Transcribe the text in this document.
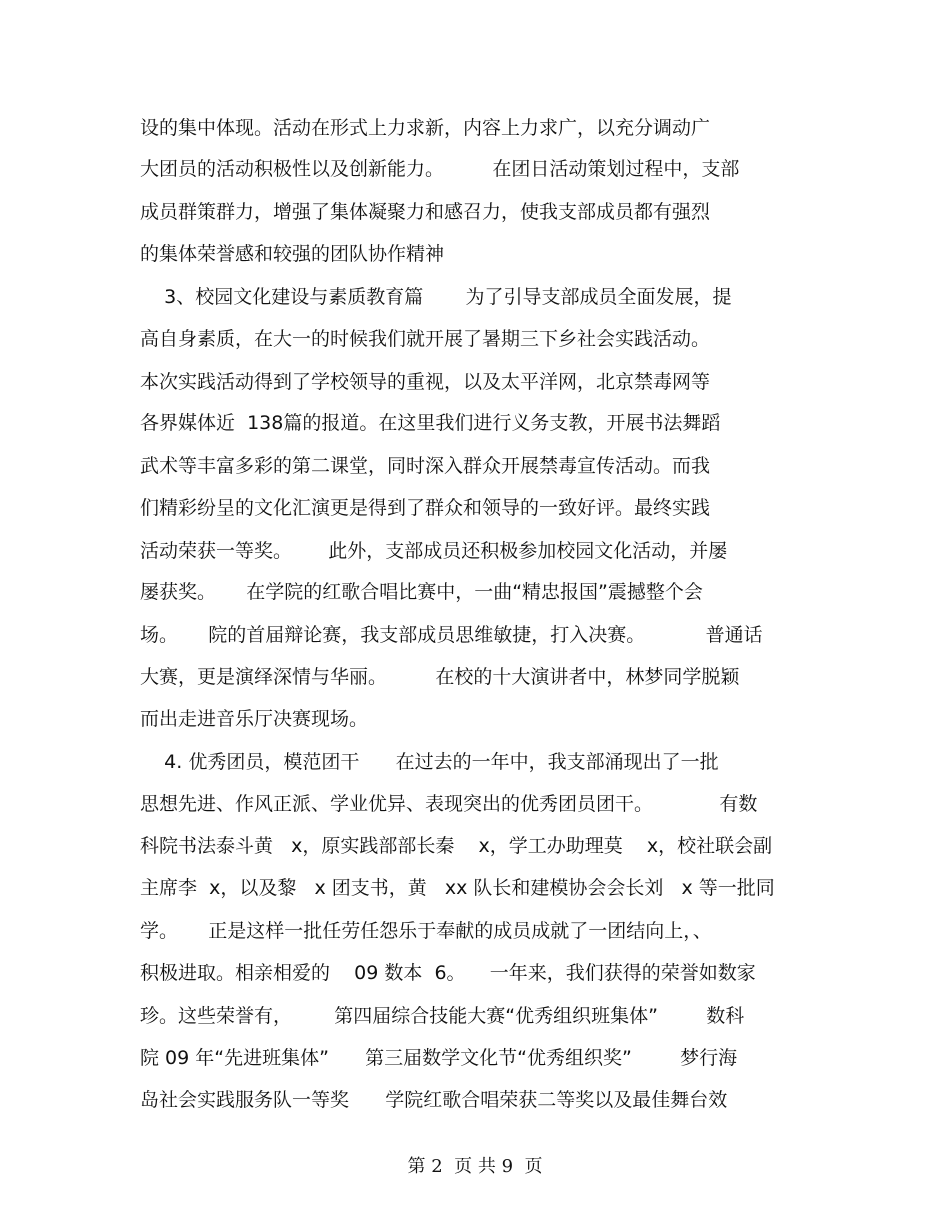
设的集中体现。活动在形式上力求新，内容上力求广，以充分调动广
大团员的活动积极性以及创新能力。        在团日活动策划过程中，支部
成员群策群力，增强了集体凝聚力和感召力，使我支部成员都有强烈
的集体荣誉感和较强的团队协作精神
3、校园文化建设与素质教育篇       为了引导支部成员全面发展，提
高自身素质，在大一的时候我们就开展了暑期三下乡社会实践活动。
本次实践活动得到了学校领导的重视，以及太平洋网，北京禁毒网等
各界媒体近  138篇的报道。在这里我们进行义务支教，开展书法舞蹈
武术等丰富多彩的第二课堂，同时深入群众开展禁毒宣传活动。而我
们精彩纷呈的文化汇演更是得到了群众和领导的一致好评。最终实践
活动荣获一等奖。      此外，支部成员还积极参加校园文化活动，并屡
屡获奖。     在学院的红歌合唱比赛中，一曲“精忠报国”震撼整个会
场。     院的首届辩论赛，我支部成员思维敏捷，打入决赛。          普通话
大赛，更是演绎深情与华丽。        在校的十大演讲者中，林梦同学脱颖
而出走进音乐厅决赛现场。
4. 优秀团员，模范团干      在过去的一年中，我支部涌现出了一批
思想先进、作风正派、学业优异、表现突出的优秀团员团干。           有数
科院书法泰斗黄   x，原实践部部长秦    x，学工办助理莫    x，校社联会副
主席李  x，以及黎   x 团支书，黄   xx 队长和建模协会会长刘   x 等一批同
学。     正是这样一批任劳任怨乐于奉献的成员成就了一团结向上，、
积极进取。相亲相爱的    09 数本  6。    一年来，我们获得的荣誉如数家
珍。这些荣誉有，       第四届综合技能大赛“优秀组织班集体”        数科
院 09 年“先进班集体”      第三届数学文化节“优秀组织奖”        梦行海
岛社会实践服务队一等奖      学院红歌合唱荣获二等奖以及最佳舞台效
第 2  页 共 9  页
